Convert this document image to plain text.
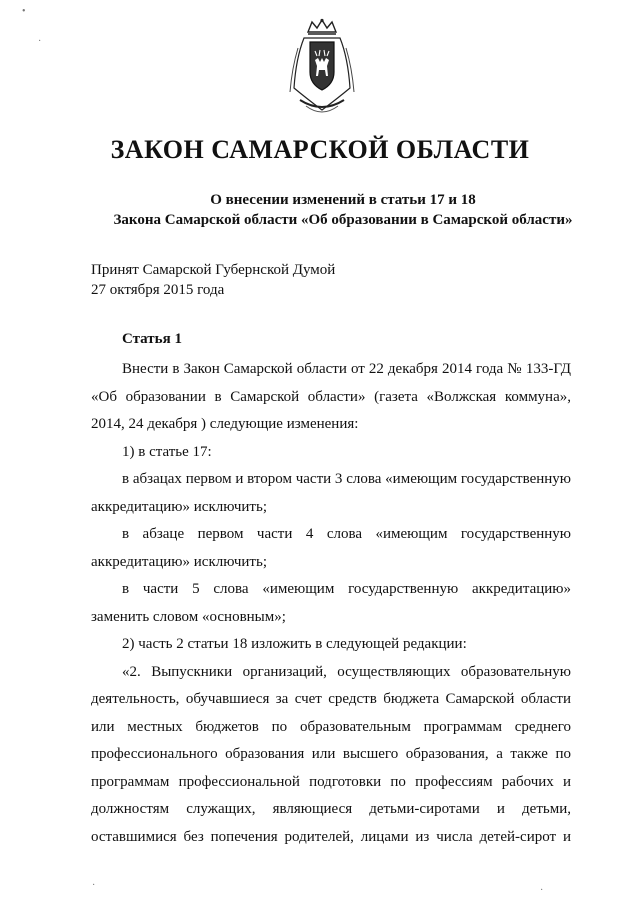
ЗАКОН САМАРСКОЙ ОБЛАСТИ
О внесении изменений в статьи 17 и 18
Закона Самарской области «Об образовании в Самарской области»
Принят Самарской Губернской Думой
27 октября 2015 года
Статья 1

Внести в Закон Самарской области от 22 декабря 2014 года № 133-ГД «Об образовании в Самарской области» (газета «Волжская коммуна», 2014, 24 декабря ) следующие изменения:

1) в статье 17:

в абзацах первом и втором части 3 слова «имеющим государственную аккредитацию» исключить;

в абзаце первом части 4 слова «имеющим государственную аккредитацию» исключить;

в части 5 слова «имеющим государственную аккредитацию» заменить словом «основным»;

2) часть 2 статьи 18 изложить в следующей редакции:

«2. Выпускники организаций, осуществляющих образовательную деятельность, обучавшиеся за счет средств бюджета Самарской области или местных бюджетов по образовательным программам среднего профессионального образования или высшего образования, а также по программам профессиональной подготовки по профессиям рабочих и должностям служащих, являющиеся детьми-сиротами и детьми, оставшимися без попечения родителей, лицами из числа детей-сирот и

·
•
·
·
